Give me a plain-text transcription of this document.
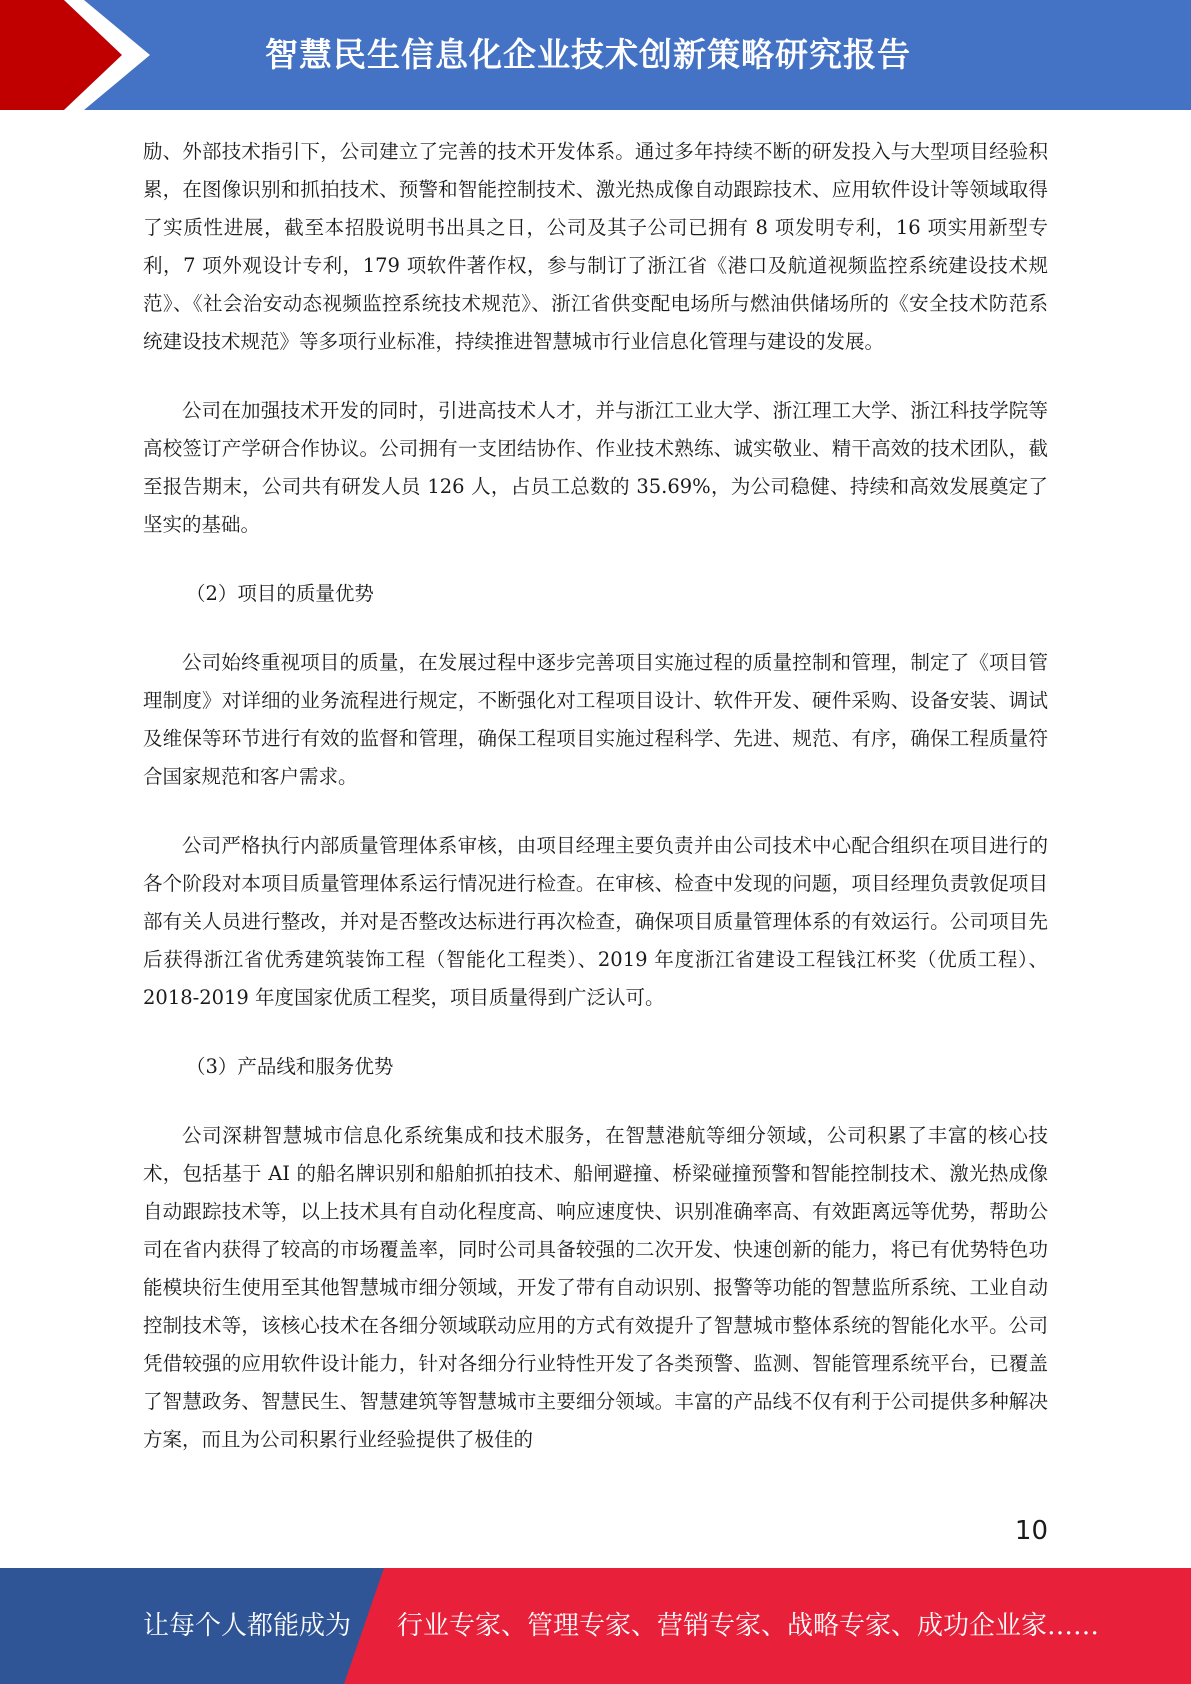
智慧民生信息化企业技术创新策略研究报告

励、外部技术指引下，公司建立了完善的技术开发体系。通过多年持续不断的研发投入与大型项目经验积累，在图像识别和抓拍技术、预警和智能控制技术、激光热成像自动跟踪技术、应用软件设计等领域取得了实质性进展，截至本招股说明书出具之日，公司及其子公司已拥有 8 项发明专利，16 项实用新型专利，7 项外观设计专利，179 项软件著作权，参与制订了浙江省《港口及航道视频监控系统建设技术规范》、《社会治安动态视频监控系统技术规范》、浙江省供变配电场所与燃油供储场所的《安全技术防范系统建设技术规范》等多项行业标准，持续推进智慧城市行业信息化管理与建设的发展。

公司在加强技术开发的同时，引进高技术人才，并与浙江工业大学、浙江理工大学、浙江科技学院等高校签订产学研合作协议。公司拥有一支团结协作、作业技术熟练、诚实敬业、精干高效的技术团队，截至报告期末，公司共有研发人员 126 人，占员工总数的 35.69%，为公司稳健、持续和高效发展奠定了坚实的基础。

（2）项目的质量优势

公司始终重视项目的质量，在发展过程中逐步完善项目实施过程的质量控制和管理，制定了《项目管理制度》对详细的业务流程进行规定，不断强化对工程项目设计、软件开发、硬件采购、设备安装、调试及维保等环节进行有效的监督和管理，确保工程项目实施过程科学、先进、规范、有序，确保工程质量符合国家规范和客户需求。

公司严格执行内部质量管理体系审核，由项目经理主要负责并由公司技术中心配合组织在项目进行的各个阶段对本项目质量管理体系运行情况进行检查。在审核、检查中发现的问题，项目经理负责敦促项目部有关人员进行整改，并对是否整改达标进行再次检查，确保项目质量管理体系的有效运行。公司项目先后获得浙江省优秀建筑装饰工程（智能化工程类）、2019 年度浙江省建设工程钱江杯奖（优质工程）、2018-2019 年度国家优质工程奖，项目质量得到广泛认可。

（3）产品线和服务优势

公司深耕智慧城市信息化系统集成和技术服务，在智慧港航等细分领域，公司积累了丰富的核心技术，包括基于 AI 的船名牌识别和船舶抓拍技术、船闸避撞、桥梁碰撞预警和智能控制技术、激光热成像自动跟踪技术等，以上技术具有自动化程度高、响应速度快、识别准确率高、有效距离远等优势，帮助公司在省内获得了较高的市场覆盖率，同时公司具备较强的二次开发、快速创新的能力，将已有优势特色功能模块衍生使用至其他智慧城市细分领域，开发了带有自动识别、报警等功能的智慧监所系统、工业自动控制技术等，该核心技术在各细分领域联动应用的方式有效提升了智慧城市整体系统的智能化水平。公司凭借较强的应用软件设计能力，针对各细分行业特性开发了各类预警、监测、智能管理系统平台，已覆盖了智慧政务、智慧民生、智慧建筑等智慧城市主要细分领域。丰富的产品线不仅有利于公司提供多种解决方案，而且为公司积累行业经验提供了极佳的

10
让每个人都能成为 行业专家、管理专家、营销专家、战略专家、成功企业家……
